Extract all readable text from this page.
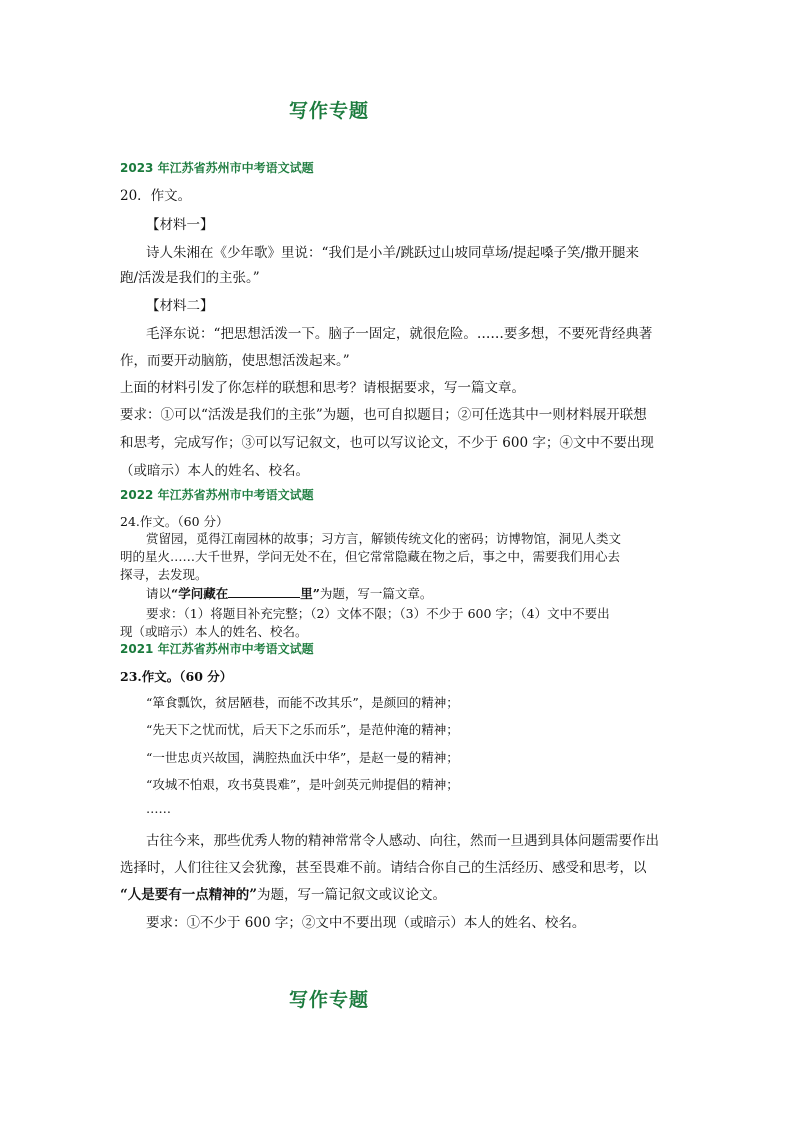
写作专题
2023 年江苏省苏州市中考语文试题
20．作文。
【材料一】
诗人朱湘在《少年歌》里说：“我们是小羊/跳跃过山坡同草场/提起嗓子笑/撒开腿来
跑/活泼是我们的主张。”
【材料二】
毛泽东说：“把思想活泼一下。脑子一固定，就很危险。……要多想，不要死背经典著
作，而要开动脑筋，使思想活泼起来。”
上面的材料引发了你怎样的联想和思考？请根据要求，写一篇文章。
要求：①可以“活泼是我们的主张”为题，也可自拟题目；②可任选其中一则材料展开联想
和思考，完成写作；③可以写记叙文，也可以写议论文，不少于 600 字；④文中不要出现
（或暗示）本人的姓名、校名。
2022 年江苏省苏州市中考语文试题
24.作文。（60 分）
赏留园，觅得江南园林的故事；习方言，解锁传统文化的密码；访博物馆，洞见人类文
明的星火……大千世界，学问无处不在，但它常常隐藏在物之后，事之中，需要我们用心去
探寻，去发现。
请以“学问藏在	里”为题，写一篇文章。
要求：（1）将题目补充完整；（2）文体不限；（3）不少于 600 字；（4）文中不要出
现（或暗示）本人的姓名、校名。
2021 年江苏省苏州市中考语文试题
23.作文。（60 分）
“箪食瓢饮，贫居陋巷，而能不改其乐”，是颜回的精神；
“先天下之忧而忧，后天下之乐而乐”，是范仲淹的精神；
“一世忠贞兴故国，满腔热血沃中华”，是赵一曼的精神；
“攻城不怕艰，攻书莫畏难”，是叶剑英元帅提倡的精神；
……
古往今来，那些优秀人物的精神常常令人感动、向往，然而一旦遇到具体问题需要作出
选择时，人们往往又会犹豫，甚至畏难不前。请结合你自己的生活经历、感受和思考，以
“人是要有一点精神的”为题，写一篇记叙文或议论文。
要求：①不少于 600 字；②文中不要出现（或暗示）本人的姓名、校名。
写作专题
